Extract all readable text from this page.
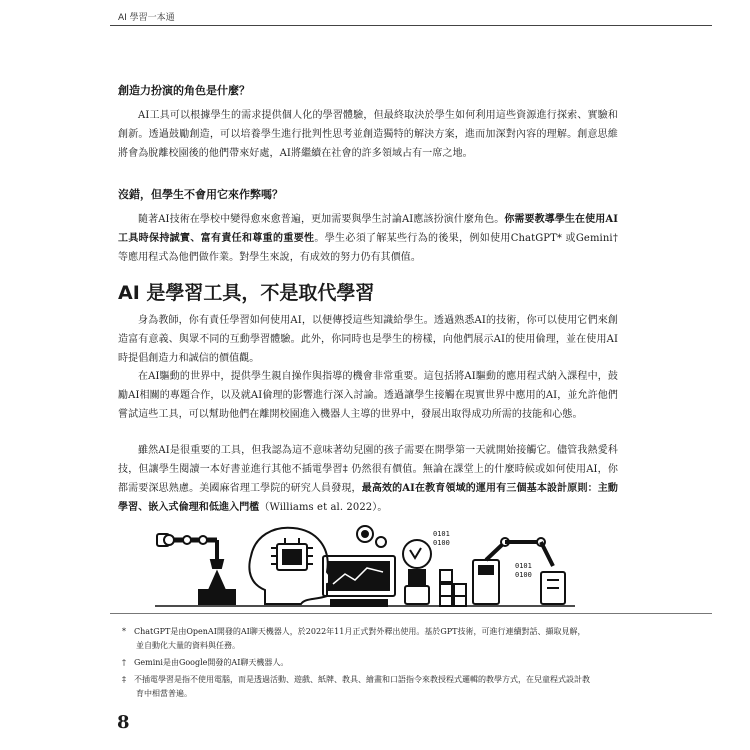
AI 學習一本通
創造力扮演的角色是什麼？

AI工具可以根據學生的需求提供個人化的學習體驗，但最終取決於學生如何利用這些資源進行探索、實驗和創新。透過鼓勵創造，可以培養學生進行批判性思考並創造獨特的解決方案，進而加深對內容的理解。創意思維將會為脫離校園後的他們帶來好處，AI將繼續在社會的許多領域占有一席之地。

沒錯，但學生不會用它來作弊嗎？

隨著AI技術在學校中變得愈來愈普遍，更加需要與學生討論AI應該扮演什麼角色。你需要教導學生在使用AI工具時保持誠實、富有責任和尊重的重要性。學生必須了解某些行為的後果，例如使用ChatGPT* 或Gemini† 等應用程式為他們做作業。對學生來說，有成效的努力仍有其價值。

AI 是學習工具，不是取代學習

身為教師，你有責任學習如何使用AI，以便傳授這些知識給學生。透過熟悉AI的技術，你可以使用它們來創造富有意義、與眾不同的互動學習體驗。此外，你同時也是學生的榜樣，向他們展示AI的使用倫理，並在使用AI時提倡創造力和誠信的價值觀。

在AI驅動的世界中，提供學生親自操作與指導的機會非常重要。這包括將AI驅動的應用程式納入課程中，鼓勵AI相關的專題合作，以及就AI倫理的影響進行深入討論。透過讓學生接觸在現實世界中應用的AI，並允許他們嘗試這些工具，可以幫助他們在離開校園進入機器人主導的世界中，發展出取得成功所需的技能和心態。

雖然AI是很重要的工具，但我認為這不意味著幼兒園的孩子需要在開學第一天就開始接觸它。儘管我熱愛科技，但讓學生閱讀一本好書並進行其他不插電學習‡ 仍然很有價值。無論在課堂上的什麼時候或如何使用AI，你都需要深思熟慮。美國麻省理工學院的研究人員發現，最高效的AI在教育領域的運用有三個基本設計原則：主動學習、嵌入式倫理和低進入門檻（Williams et al. 2022）。

0101
0100
0101
0100

*　ChatGPT是由OpenAI開發的AI聊天機器人，於2022年11月正式對外釋出使用。基於GPT技術，可進行連續對話、擷取見解，並自動化大量的資料與任務。

†　Gemini是由Google開發的AI聊天機器人。

‡　不插電學習是指不使用電腦，而是透過活動、遊戲、紙牌、教具、繪畫和口語指令來教授程式邏輯的教學方式，在兒童程式設計教育中相當普遍。

8
